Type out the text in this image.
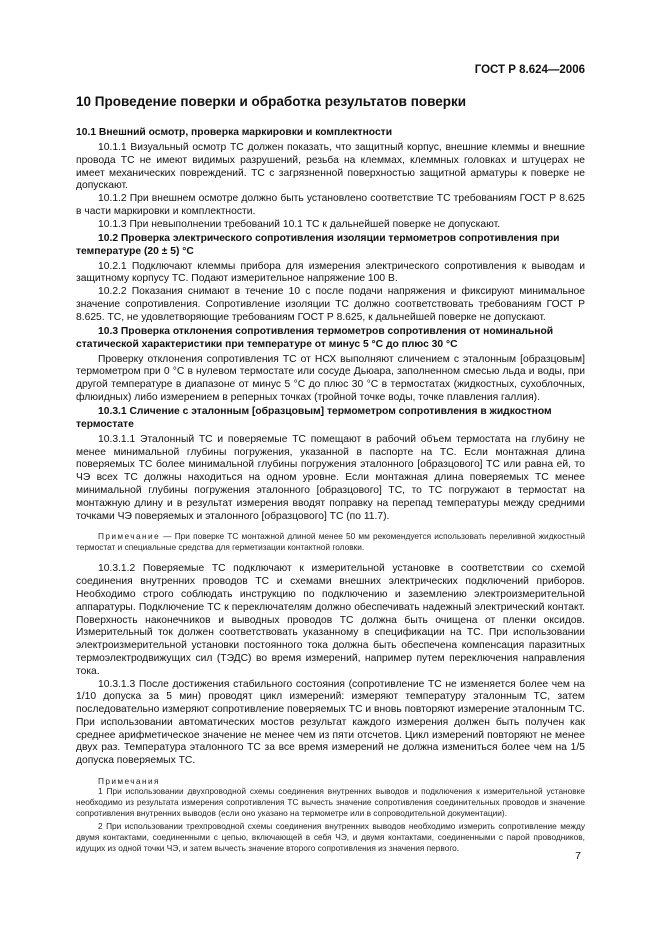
ГОСТ Р 8.624—2006
10 Проведение поверки и обработка результатов поверки
10.1 Внешний осмотр, проверка маркировки и комплектности

10.1.1 Визуальный осмотр ТС должен показать, что защитный корпус, внешние клеммы и внешние провода ТС не имеют видимых разрушений, резьба на клеммах, клеммных головках и штуцерах не имеет механических повреждений. ТС с загрязненной поверхностью защитной арматуры к поверке не допускают.

10.1.2 При внешнем осмотре должно быть установлено соответствие ТС требованиям ГОСТ Р 8.625 в части маркировки и комплектности.

10.1.3 При невыполнении требований 10.1 ТС к дальнейшей поверке не допускают.

10.2 Проверка электрического сопротивления изоляции термометров сопротивления при температуре (20 ± 5) °С

10.2.1 Подключают клеммы прибора для измерения электрического сопротивления к выводам и защитному корпусу ТС. Подают измерительное напряжение 100 В.

10.2.2 Показания снимают в течение 10 с после подачи напряжения и фиксируют минимальное значение сопротивления. Сопротивление изоляции ТС должно соответствовать требованиям ГОСТ Р 8.625. ТС, не удовлетворяющие требованиям ГОСТ Р 8.625, к дальнейшей поверке не допускают.

10.3 Проверка отклонения сопротивления термометров сопротивления от номинальной статической характеристики при температуре от минус 5 °С до плюс 30 °С

Проверку отклонения сопротивления ТС от НСХ выполняют сличением с эталонным [образцовым] термометром при 0 °С в нулевом термостате или сосуде Дьюара, заполненном смесью льда и воды, при другой температуре в диапазоне от минус 5 °С до плюс 30 °С в термостатах (жидкостных, сухоблочных, флюидных) либо измерением в реперных точках (тройной точке воды, точке плавления галлия).

10.3.1 Сличение с эталонным [образцовым] термометром сопротивления в жидкостном термостате

10.3.1.1 Эталонный ТС и поверяемые ТС помещают в рабочий объем термостата на глубину не менее минимальной глубины погружения, указанной в паспорте на ТС. Если монтажная длина поверяемых ТС более минимальной глубины погружения эталонного [образцового] ТС или равна ей, то ЧЭ всех ТС должны находиться на одном уровне. Если монтажная длина поверяемых ТС менее минимальной глубины погружения эталонного [образцового] ТС, то ТС погружают в термостат на монтажную длину и в результат измерения вводят поправку на перепад температуры между средними точками ЧЭ поверяемых и эталонного [образцового] ТС (по 11.7).

Примечание — При поверке ТС монтажной длиной менее 50 мм рекомендуется использовать переливной жидкостный термостат и специальные средства для герметизации контактной головки.

10.3.1.2 Поверяемые ТС подключают к измерительной установке в соответствии со схемой соединения внутренних проводов ТС и схемами внешних электрических подключений приборов. Необходимо строго соблюдать инструкцию по подключению и заземлению электроизмерительной аппаратуры. Подключение ТС к переключателям должно обеспечивать надежный электрический контакт. Поверхность наконечников и выводных проводов ТС должна быть очищена от пленки оксидов. Измерительный ток должен соответствовать указанному в спецификации на ТС. При использовании электроизмерительной установки постоянного тока должна быть обеспечена компенсация паразитных термоэлектродвижущих сил (ТЭДС) во время измерений, например путем переключения направления тока.

10.3.1.3 После достижения стабильного состояния (сопротивление ТС не изменяется более чем на 1/10 допуска за 5 мин) проводят цикл измерений: измеряют температуру эталонным ТС, затем последовательно измеряют сопротивление поверяемых ТС и вновь повторяют измерение эталонным ТС. При использовании автоматических мостов результат каждого измерения должен быть получен как среднее арифметическое значение не менее чем из пяти отсчетов. Цикл измерений повторяют не менее двух раз. Температура эталонного ТС за все время измерений не должна измениться более чем на 1/5 допуска поверяемых ТС.

Примечания

1 При использовании двухпроводной схемы соединения внутренних выводов и подключения к измерительной установке необходимо из результата измерения сопротивления ТС вычесть значение сопротивления соединительных проводов и значение сопротивления внутренних выводов (если оно указано на термометре или в сопроводительной документации).

2 При использовании трехпроводной схемы соединения внутренних выводов необходимо измерить сопротивление между двумя контактами, соединенными с цепью, включающей в себя ЧЭ, и двумя контактами, соединенными с парой проводников, идущих из одной точки ЧЭ, и затем вычесть значение второго сопротивления из значения первого.

7
